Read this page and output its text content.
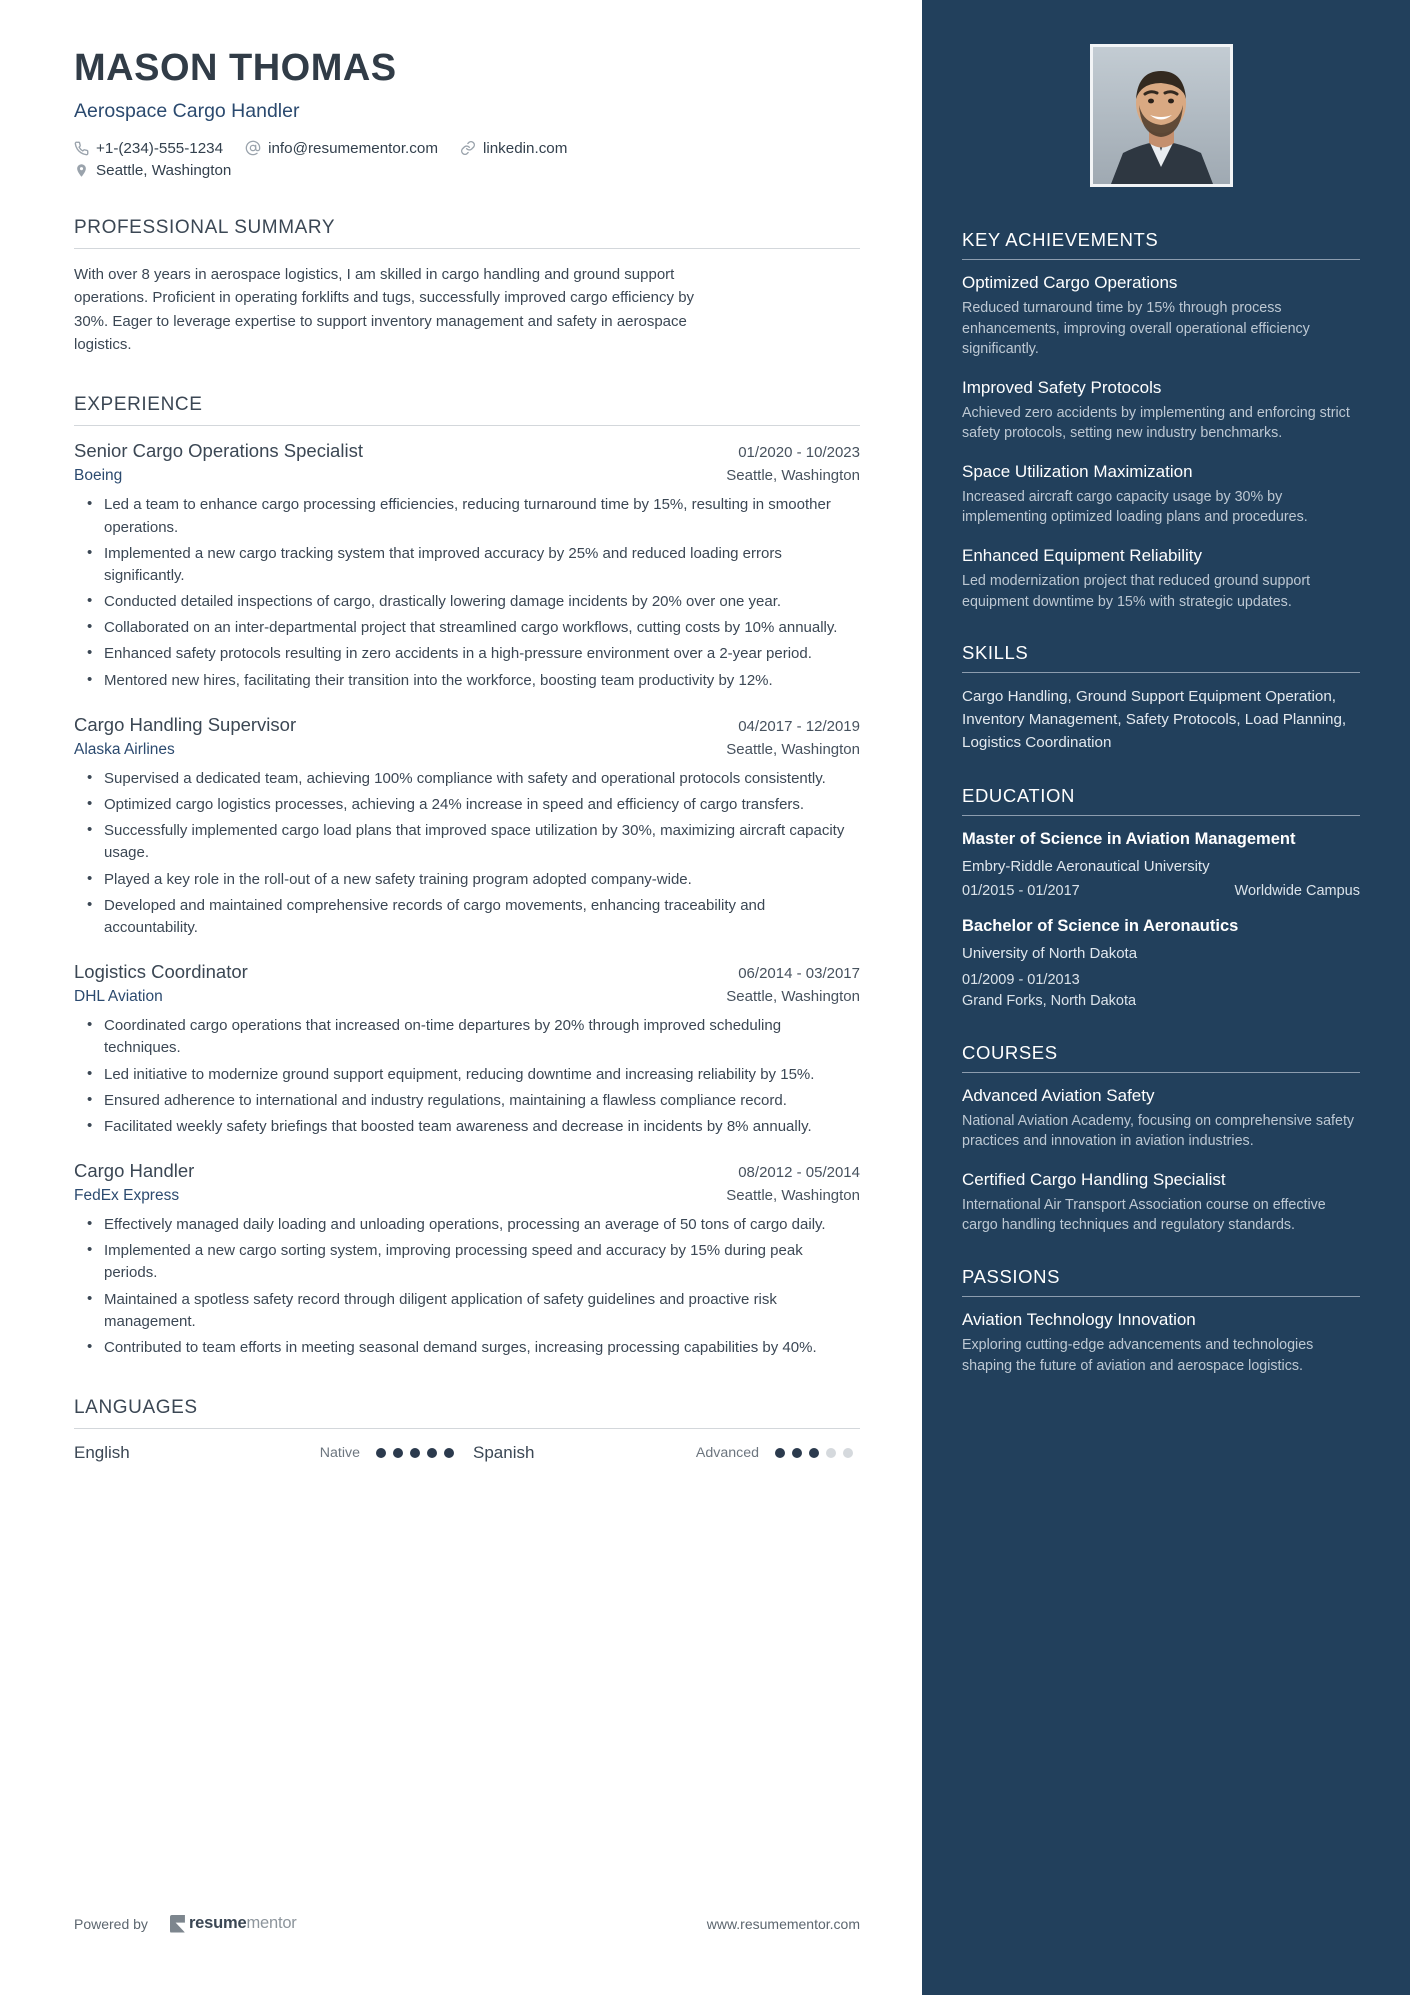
MASON THOMAS
Aerospace Cargo Handler
+1-(234)-555-1234	info@resumementor.com	linkedin.com
Seattle, Washington
PROFESSIONAL SUMMARY
With over 8 years in aerospace logistics, I am skilled in cargo handling and ground support operations. Proficient in operating forklifts and tugs, successfully improved cargo efficiency by 30%. Eager to leverage expertise to support inventory management and safety in aerospace logistics.
EXPERIENCE
Senior Cargo Operations Specialist	01/2020 - 10/2023
Boeing	Seattle, Washington
• Led a team to enhance cargo processing efficiencies, reducing turnaround time by 15%, resulting in smoother operations.
• Implemented a new cargo tracking system that improved accuracy by 25% and reduced loading errors significantly.
• Conducted detailed inspections of cargo, drastically lowering damage incidents by 20% over one year.
• Collaborated on an inter-departmental project that streamlined cargo workflows, cutting costs by 10% annually.
• Enhanced safety protocols resulting in zero accidents in a high-pressure environment over a 2-year period.
• Mentored new hires, facilitating their transition into the workforce, boosting team productivity by 12%.
Cargo Handling Supervisor	04/2017 - 12/2019
Alaska Airlines	Seattle, Washington
• Supervised a dedicated team, achieving 100% compliance with safety and operational protocols consistently.
• Optimized cargo logistics processes, achieving a 24% increase in speed and efficiency of cargo transfers.
• Successfully implemented cargo load plans that improved space utilization by 30%, maximizing aircraft capacity usage.
• Played a key role in the roll-out of a new safety training program adopted company-wide.
• Developed and maintained comprehensive records of cargo movements, enhancing traceability and accountability.
Logistics Coordinator	06/2014 - 03/2017
DHL Aviation	Seattle, Washington
• Coordinated cargo operations that increased on-time departures by 20% through improved scheduling techniques.
• Led initiative to modernize ground support equipment, reducing downtime and increasing reliability by 15%.
• Ensured adherence to international and industry regulations, maintaining a flawless compliance record.
• Facilitated weekly safety briefings that boosted team awareness and decrease in incidents by 8% annually.
Cargo Handler	08/2012 - 05/2014
FedEx Express	Seattle, Washington
• Effectively managed daily loading and unloading operations, processing an average of 50 tons of cargo daily.
• Implemented a new cargo sorting system, improving processing speed and accuracy by 15% during peak periods.
• Maintained a spotless safety record through diligent application of safety guidelines and proactive risk management.
• Contributed to team efforts in meeting seasonal demand surges, increasing processing capabilities by 40%.
LANGUAGES
English	Native	Spanish	Advanced
Powered by resumementor	www.resumementor.com
KEY ACHIEVEMENTS
Optimized Cargo Operations
Reduced turnaround time by 15% through process enhancements, improving overall operational efficiency significantly.
Improved Safety Protocols
Achieved zero accidents by implementing and enforcing strict safety protocols, setting new industry benchmarks.
Space Utilization Maximization
Increased aircraft cargo capacity usage by 30% by implementing optimized loading plans and procedures.
Enhanced Equipment Reliability
Led modernization project that reduced ground support equipment downtime by 15% with strategic updates.
SKILLS
Cargo Handling, Ground Support Equipment Operation, Inventory Management, Safety Protocols, Load Planning, Logistics Coordination
EDUCATION
Master of Science in Aviation Management
Embry-Riddle Aeronautical University
01/2015 - 01/2017	Worldwide Campus
Bachelor of Science in Aeronautics
University of North Dakota
01/2009 - 01/2013
Grand Forks, North Dakota
COURSES
Advanced Aviation Safety
National Aviation Academy, focusing on comprehensive safety practices and innovation in aviation industries.
Certified Cargo Handling Specialist
International Air Transport Association course on effective cargo handling techniques and regulatory standards.
PASSIONS
Aviation Technology Innovation
Exploring cutting-edge advancements and technologies shaping the future of aviation and aerospace logistics.
